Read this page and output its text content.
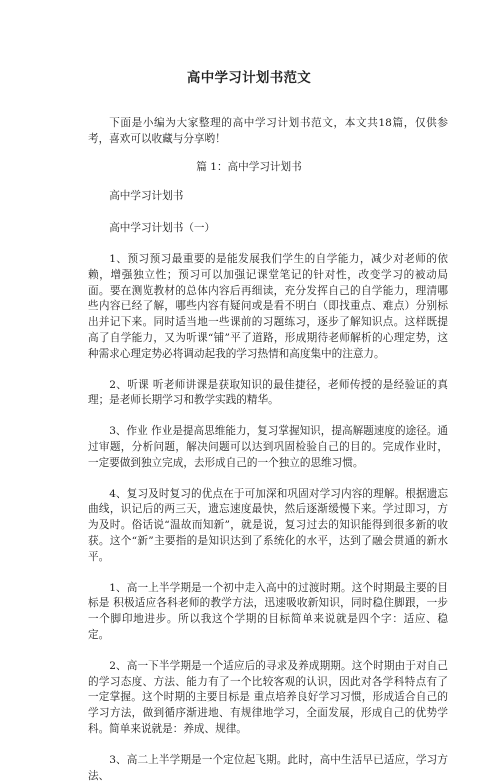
高中学习计划书范文

下面是小编为大家整理的高中学习计划书范文，本文共18篇，仅供参考，喜欢可以收藏与分享哟！

篇 1：高中学习计划书

高中学习计划书

高中学习计划书（一）

1、预习预习最重要的是能发展我们学生的自学能力，减少对老师的依赖，增强独立性；预习可以加强记课堂笔记的针对性，改变学习的被动局面。要在测览教材的总体内容后再细读，充分发挥自己的自学能力，理清哪些内容已经了解，哪些内容有疑问或是看不明白（即找重点、难点）分别标出并记下来。同时适当地一些课前的习题练习，逐步了解知识点。这样既提高了自学能力，又为听课“铺”平了道路，形成期待老师解析的心理定势，这种需求心理定势必将调动起我的学习热情和高度集中的注意力。

2、听课 听老师讲课是获取知识的最佳捷径，老师传授的是经验证的真理；是老师长期学习和教学实践的精华。

3、作业 作业是提高思维能力，复习掌握知识，提高解题速度的途径。通过审题，分析问题，解决问题可以达到巩固检验自己的目的。完成作业时，一定要做到独立完成，去形成自己的一个独立的思维习惯。

4、复习及时复习的优点在于可加深和巩固对学习内容的理解。根据遗忘曲线，识记后的两三天，遗忘速度最快，然后逐渐缓慢下来。学过即习，方为及时。俗话说“温故而知新”，就是说，复习过去的知识能得到很多新的收获。这个“新”主要指的是知识达到了系统化的水平，达到了融会贯通的新水平。

1、高一上半学期是一个初中走入高中的过渡时期。这个时期最主要的目标是 积极适应各科老师的教学方法，迅速吸收新知识，同时稳住脚跟，一步一个脚印地进步。所以我这个学期的目标简单来说就是四个字：适应、稳定。

2、高一下半学期是一个适应后的寻求及养成期期。这个时期由于对自己的学习态度、方法、能力有了一个比较客观的认识，因此对各学科特点有了一定掌握。这个时期的主要目标是 重点培养良好学习习惯，形成适合自己的学习方法，做到循序渐进地、有规律地学习，全面发展，形成自己的优势学科。简单来说就是：养成、规律。

3、高二上半学期是一个定位起飞期。此时，高中生活早已适应，学习方法、
